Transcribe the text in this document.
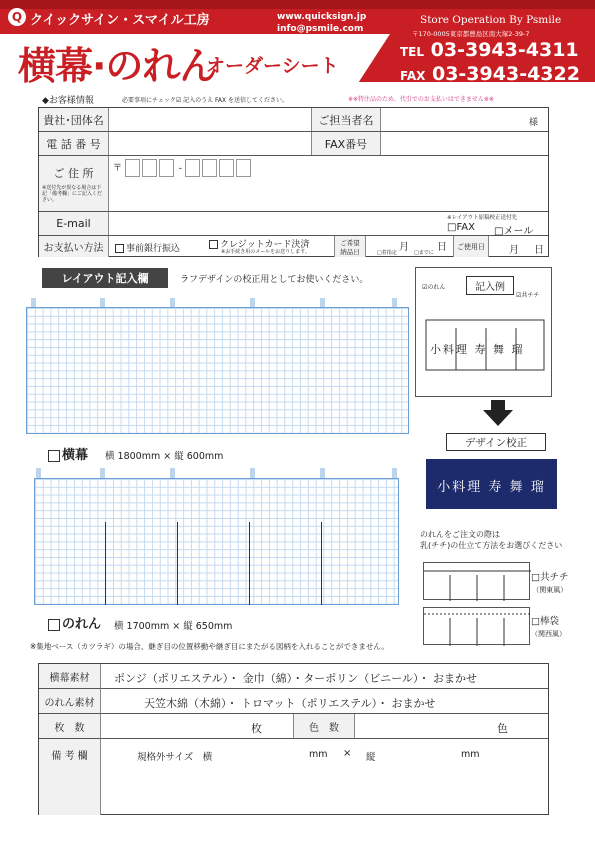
Q クイックサイン・スマイル工房	www.quicksign.jp
info@psmile.com
Store Operation By Psmile
横幕·のれん
オーダーシート
〒170-0005東京都豊島区南大塚2-39-7
TEL 03-3943-4311
FAX 03-3943-4322
◆お客様情報	必要事項にチェック☑ 記入のうえ FAX を送信してください。	※※特注品のため、代引でのお支払いはできません※※
貴社･団体名	ご担当者名	様
電 話 番 号	FAX番号
ご 住 所
※送付先が異なる場合は下記「備考欄」にご記入ください。
〒	-
E-mail	※レイアウト原稿校正送付先
□FAX □メール
お支払い方法	事前銀行振込	クレジットカード決済
※お手続き用のメールをお送りします。
ご希望
納品日	月	日
□着指定	□までに
ご使用日	月 日
レイアウト記入欄	ラフデザインの校正用としてお使いください。
横幕 横 1800mm × 縦 600mm
のれん 横 1700mm × 縦 650mm
※集地ベース（カツラギ）の場合、継ぎ目の位置移動や継ぎ目にまたがる図柄を入れることができません。
記入例
☑のれん
☑共チチ
小料理 寿 舞 瑠
デザイン校正
小料理 寿 舞 瑠
のれんをご注文の際は
乳(チチ)の仕立て方法をお選びください
□共チチ
（関東風）
□棒袋
（関西風）
横幕素材	ポンジ（ポリエステル）・ 金巾（綿）・ターポリン（ビニール）・ おまかせ
のれん素材	天笠木綿（木綿）・ トロマット（ポリエステル）・ おまかせ
枚　数	枚	色　数	色
備 考 欄	規格外サイズ　横	mm × 縦	mm
